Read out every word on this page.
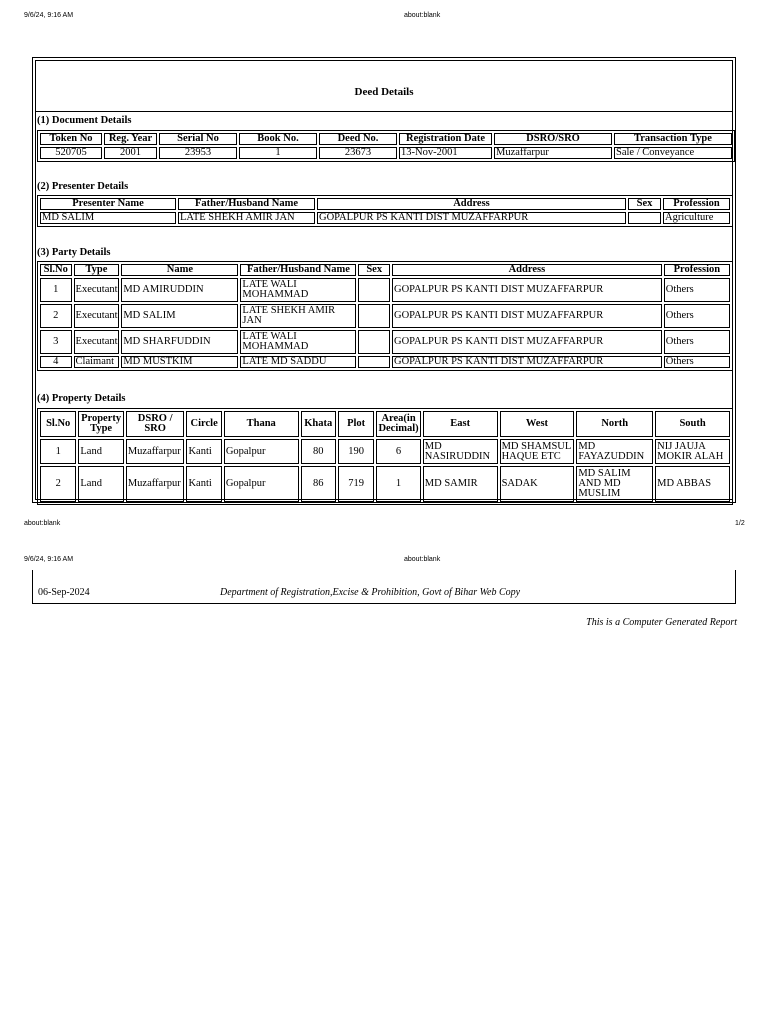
9/6/24, 9:16 AM	about:blank
Deed Details
(1) Document Details
Token No	Reg. Year	Serial No	Book No.	Deed No.	Registration Date	DSRO/SRO	Transaction Type
520705	2001	23953	1	23673	13-Nov-2001	Muzaffarpur	Sale / Conveyance
(2) Presenter Details
Presenter Name	Father/Husband Name	Address	Sex	Profession
MD SALIM	LATE SHEKH AMIR JAN	GOPALPUR PS KANTI DIST MUZAFFARPUR		Agriculture
(3) Party Details
Sl.No	Type	Name	Father/Husband Name	Sex	Address	Profession
1	Executant	MD AMIRUDDIN	LATE WALI MOHAMMAD		GOPALPUR PS KANTI DIST MUZAFFARPUR	Others
2	Executant	MD SALIM	LATE SHEKH AMIR JAN		GOPALPUR PS KANTI DIST MUZAFFARPUR	Others
3	Executant	MD SHARFUDDIN	LATE WALI MOHAMMAD		GOPALPUR PS KANTI DIST MUZAFFARPUR	Others
4	Claimant	MD MUSTKIM	LATE MD SADDU		GOPALPUR PS KANTI DIST MUZAFFARPUR	Others
(4) Property Details
Sl.No	Property Type	DSRO / SRO	Circle	Thana	Khata	Plot	Area(in Decimal)	East	West	North	South
1	Land	Muzaffarpur	Kanti	Gopalpur	80	190	6	MD NASIRUDDIN	MD SHAMSUL HAQUE ETC	MD FAYAZUDDIN	NIJ JAUJA MOKIR ALAH
2	Land	Muzaffarpur	Kanti	Gopalpur	86	719	1	MD SAMIR	SADAK	MD SALIM AND MD MUSLIM	MD ABBAS
about:blank	1/2
9/6/24, 9:16 AM	about:blank
06-Sep-2024	Department of Registration,Excise & Prohibition, Govt of Bihar Web Copy
This is a Computer Generated Report
